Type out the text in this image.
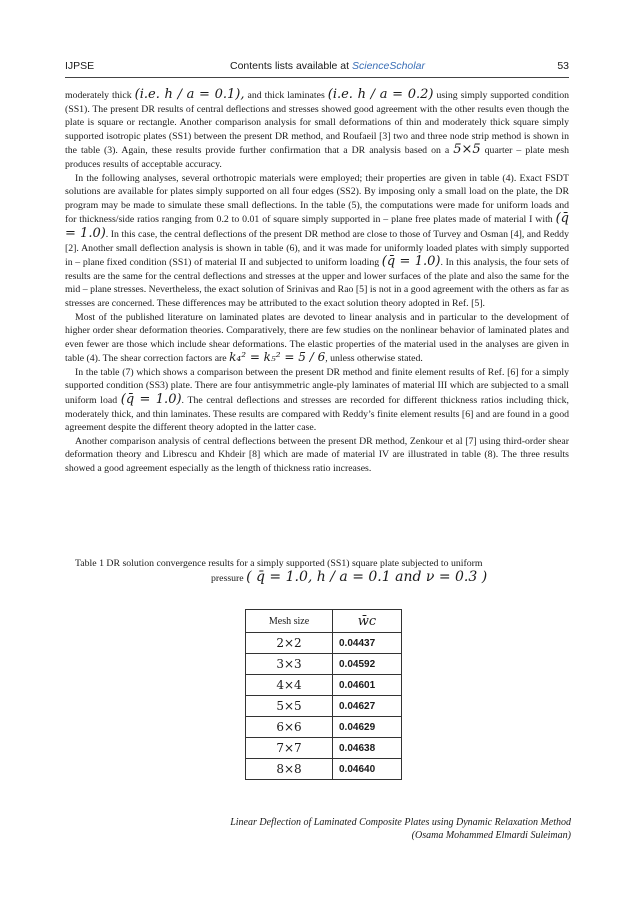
IJPSE	Contents lists available at ScienceScholar	53

moderately thick (i.e. h / a = 0.1), and thick laminates (i.e. h / a = 0.2) using simply supported condition (SS1). The present DR results of central deflections and stresses showed good agreement with the other results even though the plate is square or rectangle. Another comparison analysis for small deformations of thin and moderately thick square simply supported isotropic plates (SS1) between the present DR method, and Roufaeil [3] two and three node strip method is shown in the table (3). Again, these results provide further confirmation that a DR analysis based on a 5×5 quarter – plate mesh produces results of acceptable accuracy.

In the following analyses, several orthotropic materials were employed; their properties are given in table (4). Exact FSDT solutions are available for plates simply supported on all four edges (SS2). By imposing only a small load on the plate, the DR program may be made to simulate these small deflections. In the table (5), the computations were made for uniform loads and for thickness/side ratios ranging from 0.2 to 0.01 of square simply supported in – plane free plates made of material I with (q̄ = 1.0). In this case, the central deflections of the present DR method are close to those of Turvey and Osman [4], and Reddy [2]. Another small deflection analysis is shown in table (6), and it was made for uniformly loaded plates with simply supported in – plane fixed condition (SS1) of material II and subjected to uniform loading (q̄ = 1.0). In this analysis, the four sets of results are the same for the central deflections and stresses at the upper and lower surfaces of the plate and also the same for the mid – plane stresses. Nevertheless, the exact solution of Srinivas and Rao [5] is not in a good agreement with the others as far as stresses are concerned. These differences may be attributed to the exact solution theory adopted in Ref. [5].

Most of the published literature on laminated plates are devoted to linear analysis and in particular to the development of higher order shear deformation theories. Comparatively, there are few studies on the nonlinear behavior of laminated plates and even fewer are those which include shear deformations. The elastic properties of the material used in the analyses are given in table (4). The shear correction factors are k₄² = k₅² = 5 / 6, unless otherwise stated.

In the table (7) which shows a comparison between the present DR method and finite element results of Ref. [6] for a simply supported condition (SS3) plate. There are four antisymmetric angle-ply laminates of material III which are subjected to a small uniform load (q̄ = 1.0). The central deflections and stresses are recorded for different thickness ratios including thick, moderately thick, and thin laminates. These results are compared with Reddy’s finite element results [6] and are found in a good agreement despite the different theory adopted in the latter case.

Another comparison analysis of central deflections between the present DR method, Zenkour et al [7] using third-order shear deformation theory and Librescu and Khdeir [8] which are made of material IV are illustrated in table (8). The three results showed a good agreement especially as the length of thickness ratio increases.

Table 1 DR solution convergence results for a simply supported (SS1) square plate subjected to uniform
pressure ( q̄ = 1.0, h / a = 0.1 and ν = 0.3 )
Mesh size	w̄c
2×2	0.04437
3×3	0.04592
4×4	0.04601
5×5	0.04627
6×6	0.04629
7×7	0.04638
8×8	0.04640
Linear Deflection of Laminated Composite Plates using Dynamic Relaxation Method
(Osama Mohammed Elmardi Suleiman)
